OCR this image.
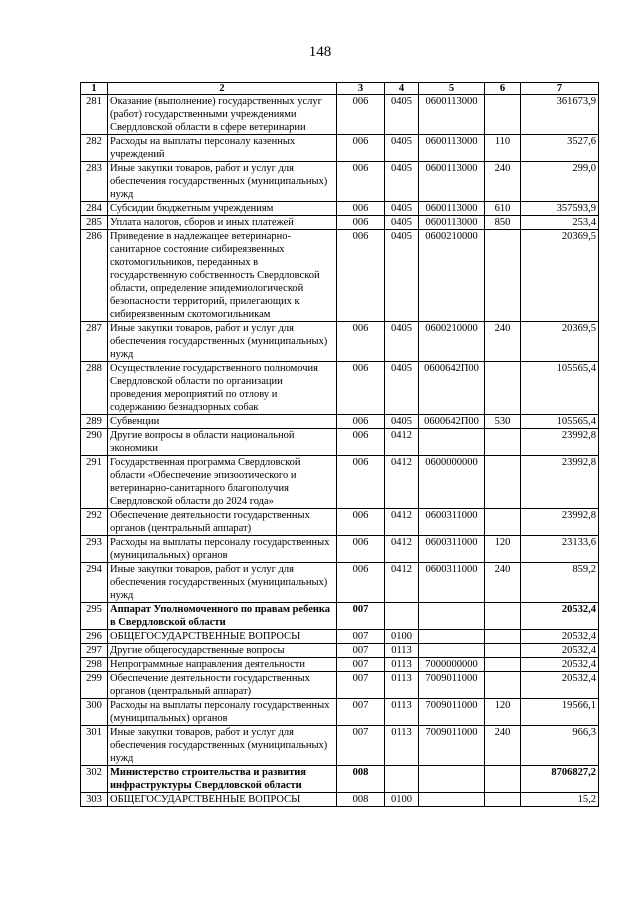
148
1	2	3	4	5	6	7
281	Оказание (выполнение) государственных услуг (работ) государственными учреждениями Свердловской области в сфере ветеринарии	006	0405	0600113000		361673,9
282	Расходы на выплаты персоналу казенных учреждений	006	0405	0600113000	110	3527,6
283	Иные закупки товаров, работ и услуг для обеспечения государственных (муниципальных) нужд	006	0405	0600113000	240	299,0
284	Субсидии бюджетным учреждениям	006	0405	0600113000	610	357593,9
285	Уплата налогов, сборов и иных платежей	006	0405	0600113000	850	253,4
286	Приведение в надлежащее ветеринарно-санитарное состояние сибиреязвенных скотомогильников, переданных в государственную собственность Свердловской области, определение эпидемиологической безопасности территорий, прилегающих к сибиреязвенным скотомогильникам	006	0405	0600210000		20369,5
287	Иные закупки товаров, работ и услуг для обеспечения государственных (муниципальных) нужд	006	0405	0600210000	240	20369,5
288	Осуществление государственного полномочия Свердловской области по организации проведения мероприятий по отлову и содержанию безнадзорных собак	006	0405	0600642П00		105565,4
289	Субвенции	006	0405	0600642П00	530	105565,4
290	Другие вопросы в области национальной экономики	006	0412			23992,8
291	Государственная программа Свердловской области «Обеспечение эпизоотического и ветеринарно-санитарного благополучия Свердловской области до 2024 года»	006	0412	0600000000		23992,8
292	Обеспечение деятельности государственных органов (центральный аппарат)	006	0412	0600311000		23992,8
293	Расходы на выплаты персоналу государственных (муниципальных) органов	006	0412	0600311000	120	23133,6
294	Иные закупки товаров, работ и услуг для обеспечения государственных (муниципальных) нужд	006	0412	0600311000	240	859,2
295	Аппарат Уполномоченного по правам ребенка в Свердловской области	007				20532,4
296	ОБЩЕГОСУДАРСТВЕННЫЕ ВОПРОСЫ	007	0100			20532,4
297	Другие общегосударственные вопросы	007	0113			20532,4
298	Непрограммные направления деятельности	007	0113	7000000000		20532,4
299	Обеспечение деятельности государственных органов (центральный аппарат)	007	0113	7009011000		20532,4
300	Расходы на выплаты персоналу государственных (муниципальных) органов	007	0113	7009011000	120	19566,1
301	Иные закупки товаров, работ и услуг для обеспечения государственных (муниципальных) нужд	007	0113	7009011000	240	966,3
302	Министерство строительства и развития инфраструктуры Свердловской области	008				8706827,2
303	ОБЩЕГОСУДАРСТВЕННЫЕ ВОПРОСЫ	008	0100			15,2
